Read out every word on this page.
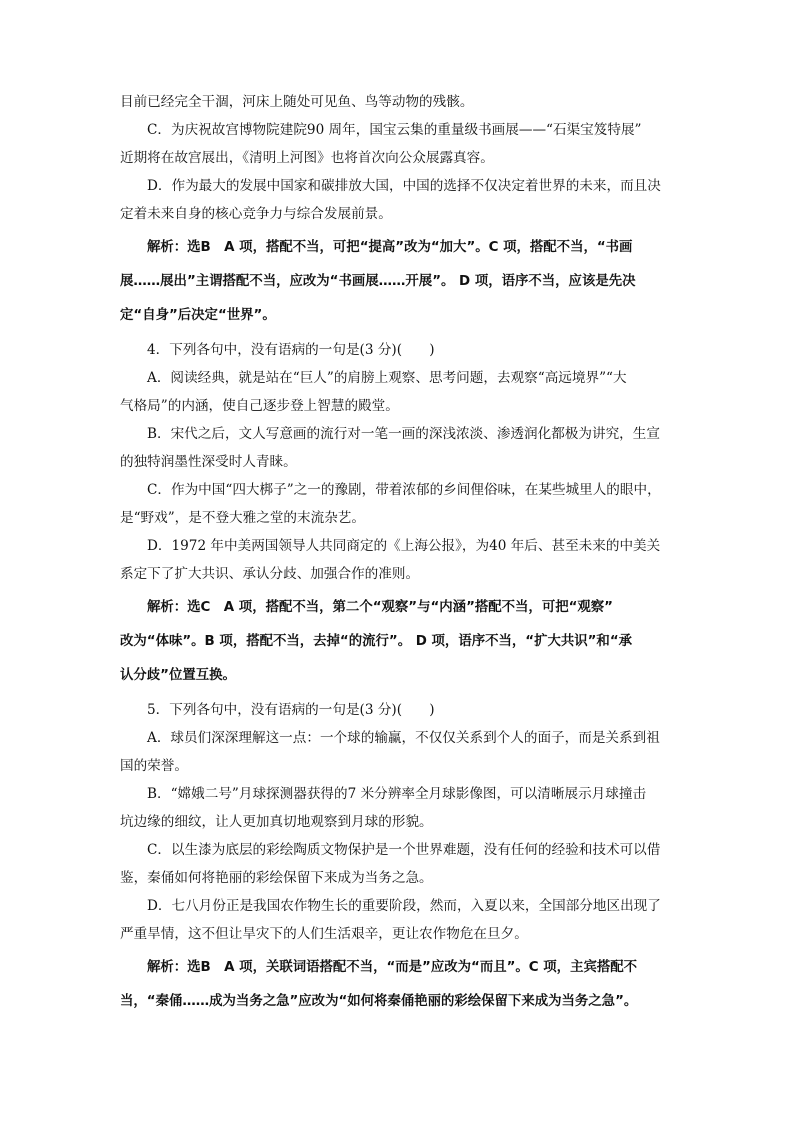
目前已经完全干涸，河床上随处可见鱼、鸟等动物的残骸。
C．为庆祝故宫博物院建院90 周年，国宝云集的重量级书画展——“石渠宝笈特展”
近期将在故宫展出，《清明上河图》也将首次向公众展露真容。
D．作为最大的发展中国家和碳排放大国，中国的选择不仅决定着世界的未来，而且决
定着未来自身的核心竞争力与综合发展前景。
解析：选B　A 项，搭配不当，可把“提高”改为“加大”。C 项，搭配不当，“书画
展……展出”主谓搭配不当，应改为“书画展……开展”。 D 项，语序不当，应该是先决
定“自身”后决定“世界”。
4．下列各句中，没有语病的一句是(3 分)(　　)
A．阅读经典，就是站在“巨人”的肩膀上观察、思考问题，去观察“高远境界”“大
气格局”的内涵，使自己逐步登上智慧的殿堂。
B．宋代之后，文人写意画的流行对一笔一画的深浅浓淡、渗透润化都极为讲究，生宣
的独特润墨性深受时人青睐。
C．作为中国“四大梆子”之一的豫剧，带着浓郁的乡间俚俗味，在某些城里人的眼中，
是“野戏”，是不登大雅之堂的末流杂艺。
D．1972 年中美两国领导人共同商定的《上海公报》，为40 年后、甚至未来的中美关
系定下了扩大共识、承认分歧、加强合作的准则。
解析：选C　A 项，搭配不当，第二个“观察”与“内涵”搭配不当，可把“观察”
改为“体味”。B 项，搭配不当，去掉“的流行”。 D 项，语序不当，“扩大共识”和“承
认分歧”位置互换。
5．下列各句中，没有语病的一句是(3 分)(　　)
A．球员们深深理解这一点：一个球的输赢，不仅仅关系到个人的面子，而是关系到祖
国的荣誉。
B．“嫦娥二号”月球探测器获得的7 米分辨率全月球影像图，可以清晰展示月球撞击
坑边缘的细纹，让人更加真切地观察到月球的形貌。
C．以生漆为底层的彩绘陶质文物保护是一个世界难题，没有任何的经验和技术可以借
鉴，秦俑如何将艳丽的彩绘保留下来成为当务之急。
D．七八月份正是我国农作物生长的重要阶段，然而，入夏以来，全国部分地区出现了
严重旱情，这不但让旱灾下的人们生活艰辛，更让农作物危在旦夕。
解析：选B　A 项，关联词语搭配不当，“而是”应改为“而且”。C 项，主宾搭配不
当，“秦俑……成为当务之急”应改为“如何将秦俑艳丽的彩绘保留下来成为当务之急”。
